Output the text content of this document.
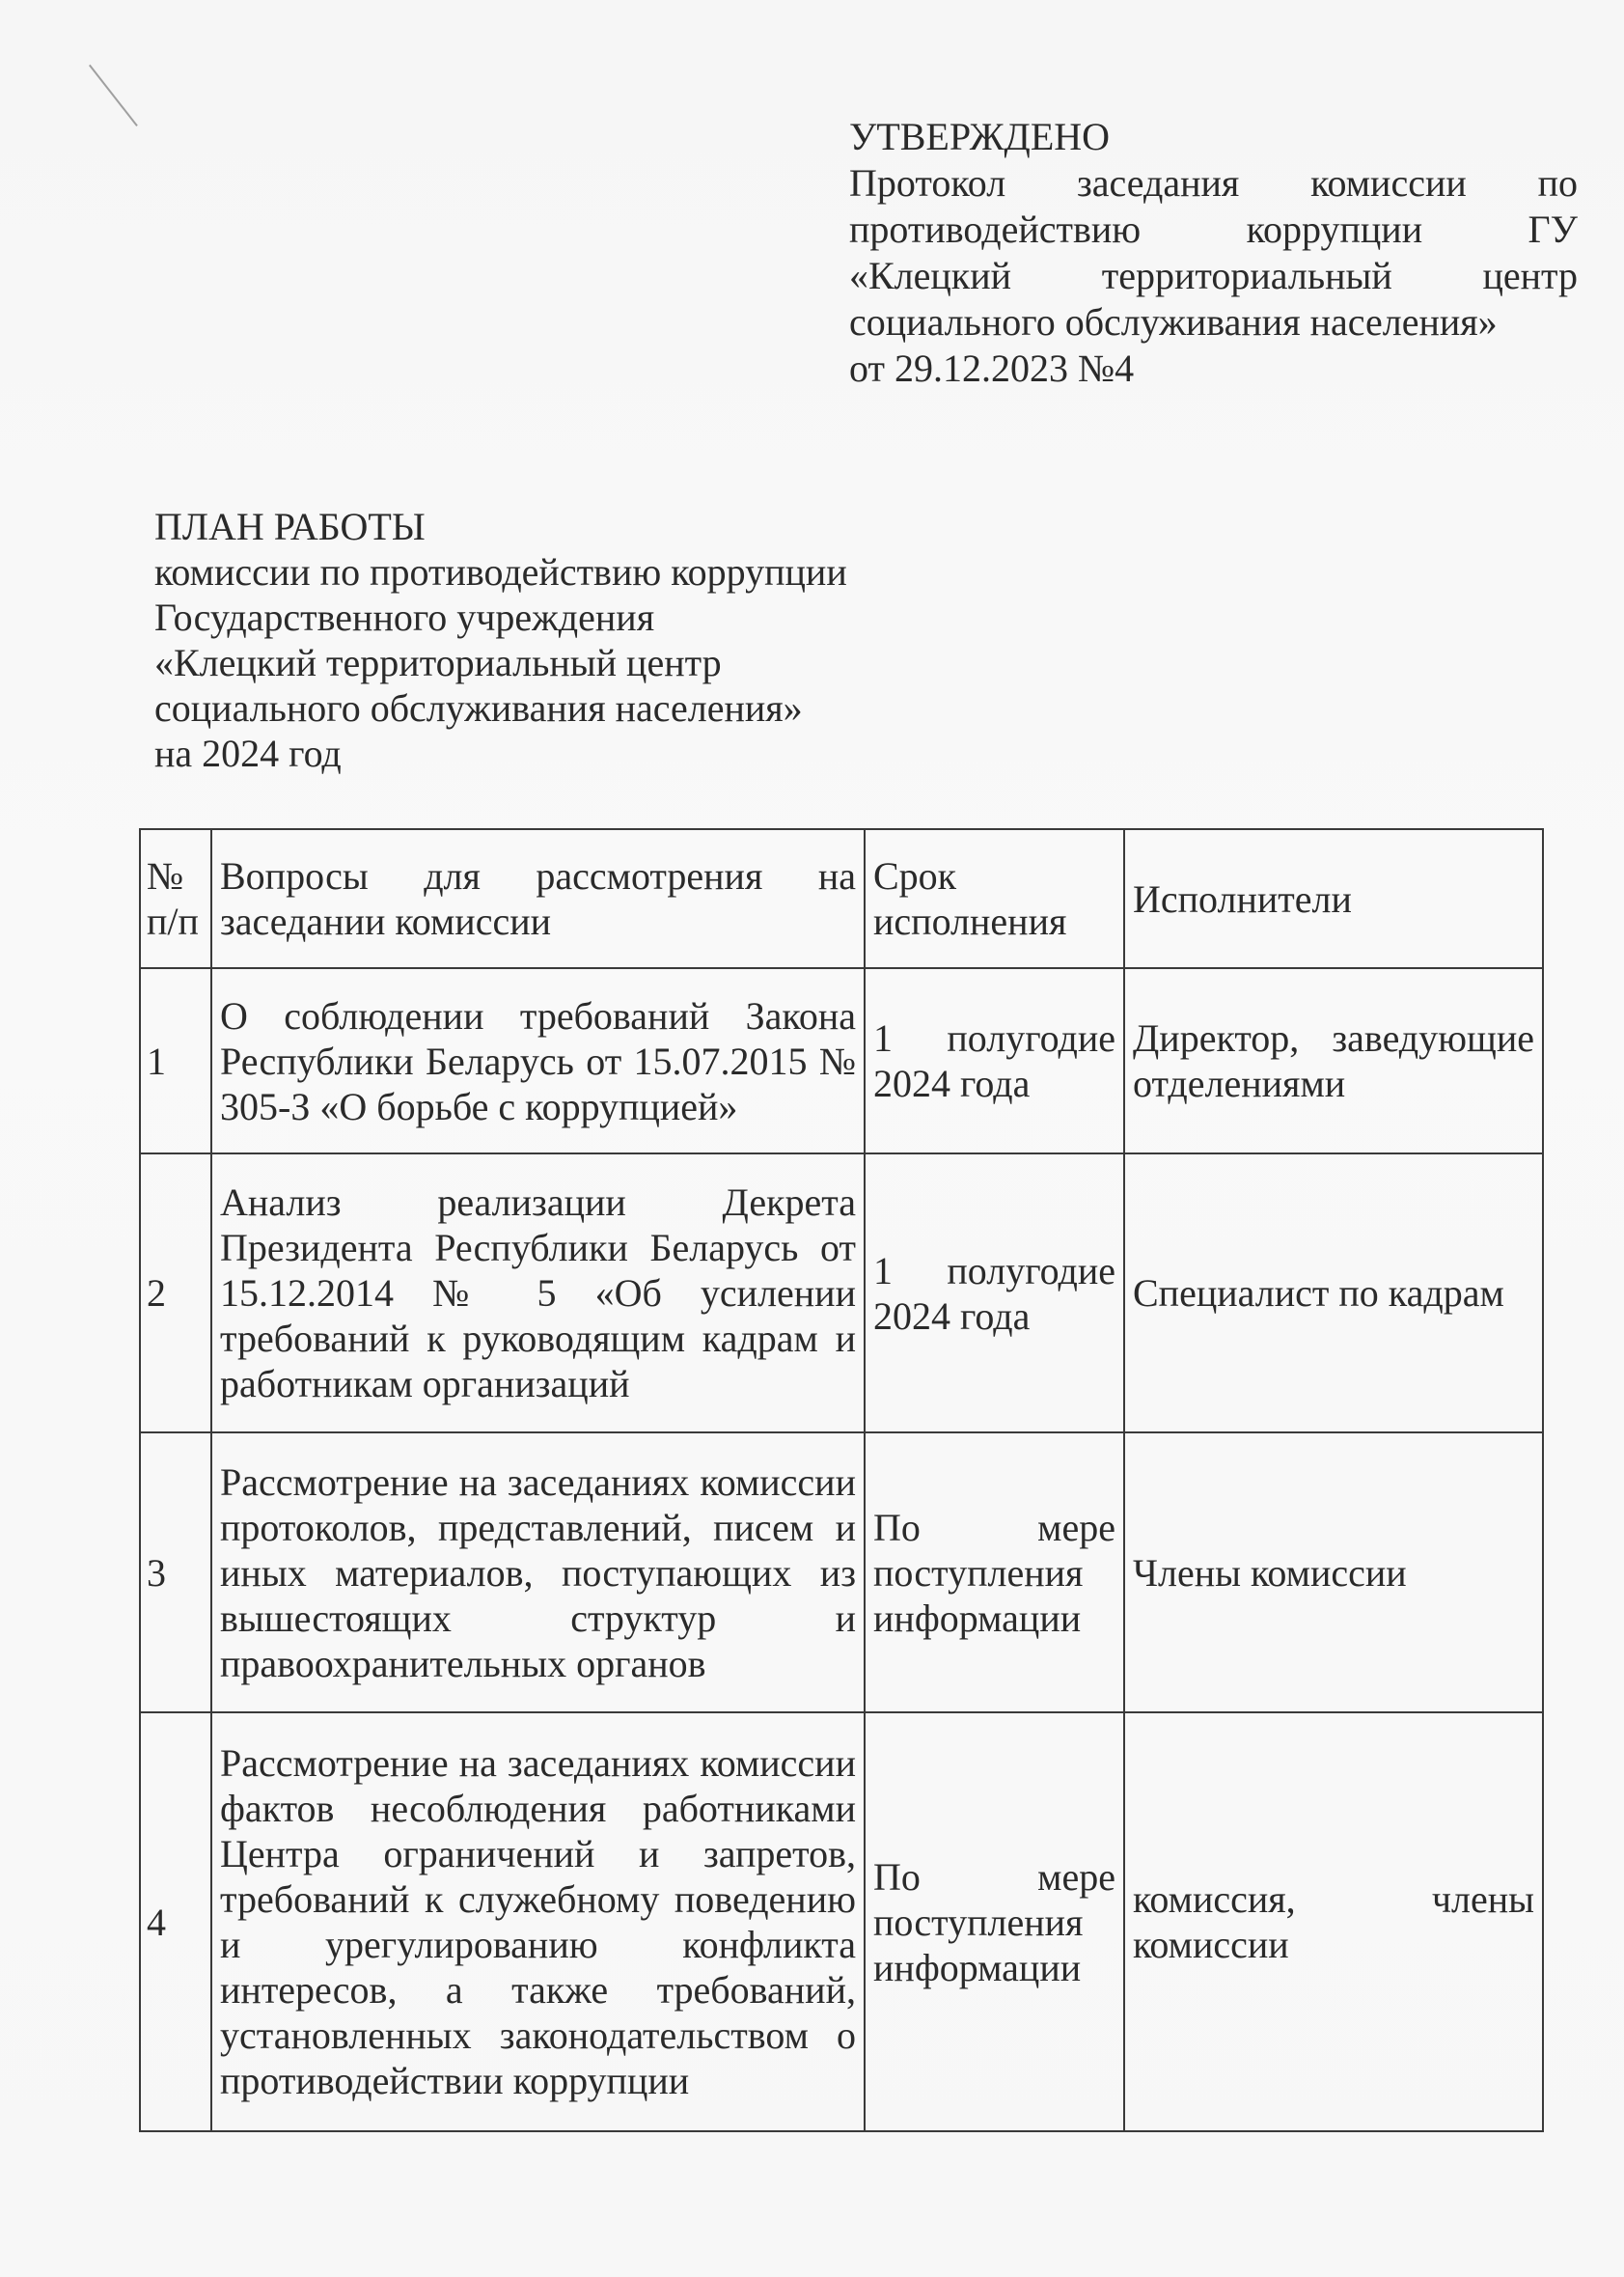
УТВЕРЖДЕНО
Протокол заседания комиссии по
противодействию коррупции ГУ
«Клецкий территориальный центр
социального обслуживания населения»
от 29.12.2023 №4
ПЛАН РАБОТЫ
комиссии по противодействию коррупции
Государственного учреждения
«Клецкий территориальный центр
социального обслуживания населения»
на 2024 год
№ п/п	Вопросы для рассмотрения на заседании комиссии	Срок исполнения	Исполнители
1	О соблюдении требований Закона Республики Беларусь от 15.07.2015 № 305-З «О борьбе с коррупцией»	1 полугодие 2024 года	Директор, заведующие отделениями
2	Анализ реализации Декрета Президента Республики Беларусь от 15.12.2014 № 5 «Об усилении требований к руководящим кадрам и работникам организаций	1 полугодие 2024 года	Специалист по кадрам
3	Рассмотрение на заседаниях комиссии протоколов, представлений, писем и иных материалов, поступающих из вышестоящих структур и правоохранительных органов	По мере поступления информации	Члены комиссии
4	Рассмотрение на заседаниях комиссии фактов несоблюдения работниками Центра ограничений и запретов, требований к служебному поведению и урегулированию конфликта интересов, а также требований, установленных законодательством о противодействии коррупции	По мере поступления информации	комиссия, члены комиссии
